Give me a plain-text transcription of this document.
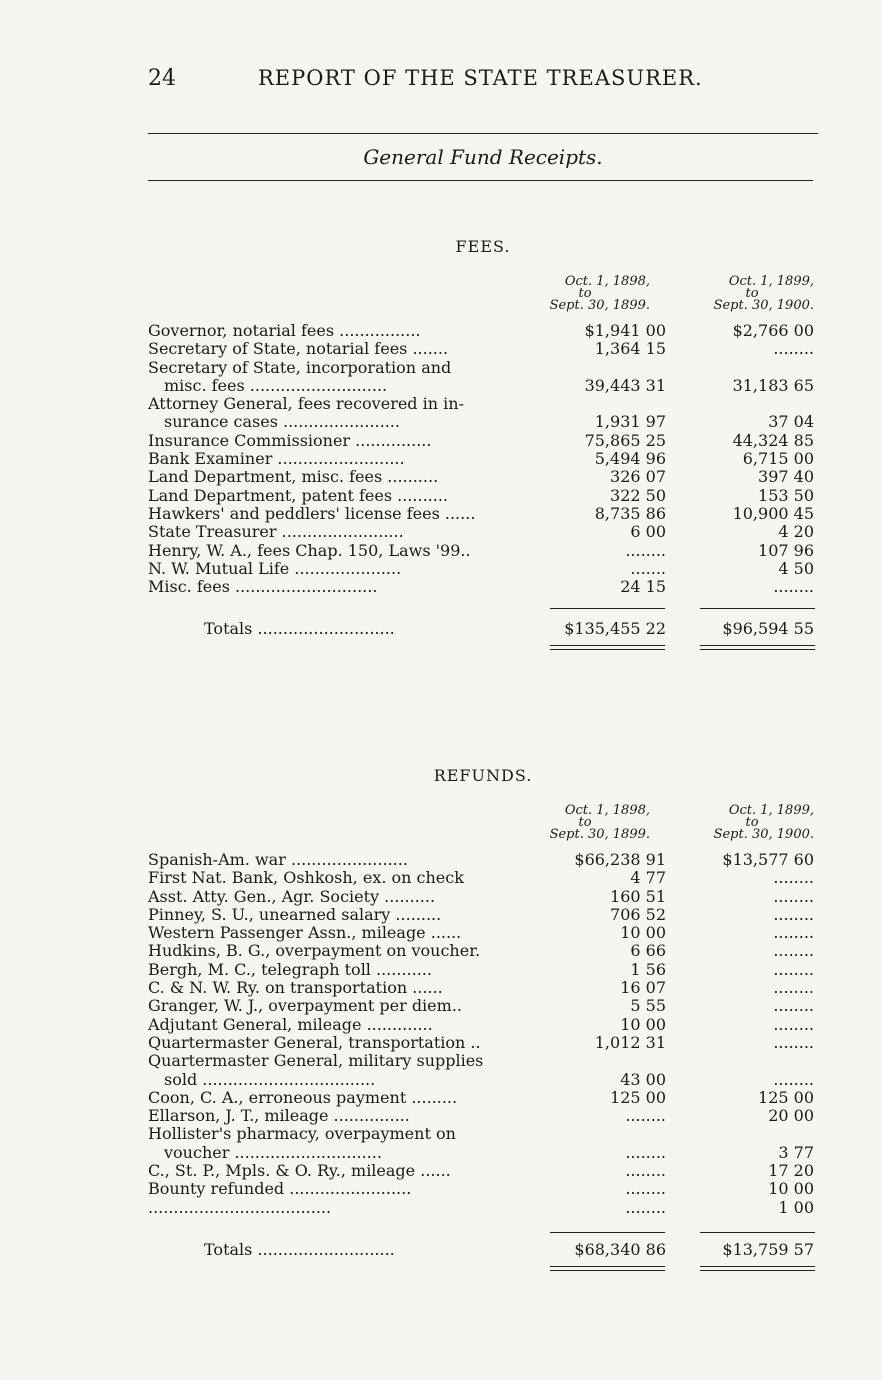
24	REPORT OF THE STATE TREASURER.
General Fund Receipts.
FEES.
Oct. 1, 1898,
to
Sept. 30, 1899.
Oct. 1, 1899,
to
Sept. 30, 1900.
Governor, notarial fees ................	$1,941 00	$2,766 00
Secretary of State, notarial fees .......	1,364 15	........
Secretary of State, incorporation and
misc. fees ...........................	39,443 31	31,183 65
Attorney General, fees recovered in in-
surance cases .......................	1,931 97	37 04
Insurance Commissioner ...............	75,865 25	44,324 85
Bank Examiner .........................	5,494 96	6,715 00
Land Department, misc. fees ..........	326 07	397 40
Land Department, patent fees ..........	322 50	153 50
Hawkers' and peddlers' license fees ......	8,735 86	10,900 45
State Treasurer ........................	6 00	4 20
Henry, W. A., fees Chap. 150, Laws '99..	........	107 96
N. W. Mutual Life .....................	.......	4 50
Misc. fees ............................	24 15	........
Totals ...........................	$135,455 22	$96,594 55
REFUNDS.
Oct. 1, 1898,
to
Sept. 30, 1899.
Oct. 1, 1899,
to
Sept. 30, 1900.
Spanish-Am. war .......................	$66,238 91	$13,577 60
First Nat. Bank, Oshkosh, ex. on check	4 77	........
Asst. Atty. Gen., Agr. Society ..........	160 51	........
Pinney, S. U., unearned salary .........	706 52	........
Western Passenger Assn., mileage ......	10 00	........
Hudkins, B. G., overpayment on voucher.	6 66	........
Bergh, M. C., telegraph toll ...........	1 56	........
C. & N. W. Ry. on transportation ......	16 07	........
Granger, W. J., overpayment per diem..	5 55	........
Adjutant General, mileage .............	10 00	........
Quartermaster General, transportation ..	1,012 31	........
Quartermaster General, military supplies
sold ..................................	43 00	........
Coon, C. A., erroneous payment .........	125 00	125 00
Ellarson, J. T., mileage ...............	........	20 00
Hollister's pharmacy, overpayment on
voucher .............................	........	3 77
C., St. P., Mpls. & O. Ry., mileage ......	........	17 20
Bounty refunded ........................	........	10 00
....................................	........	1 00
Totals ...........................	$68,340 86	$13,759 57
